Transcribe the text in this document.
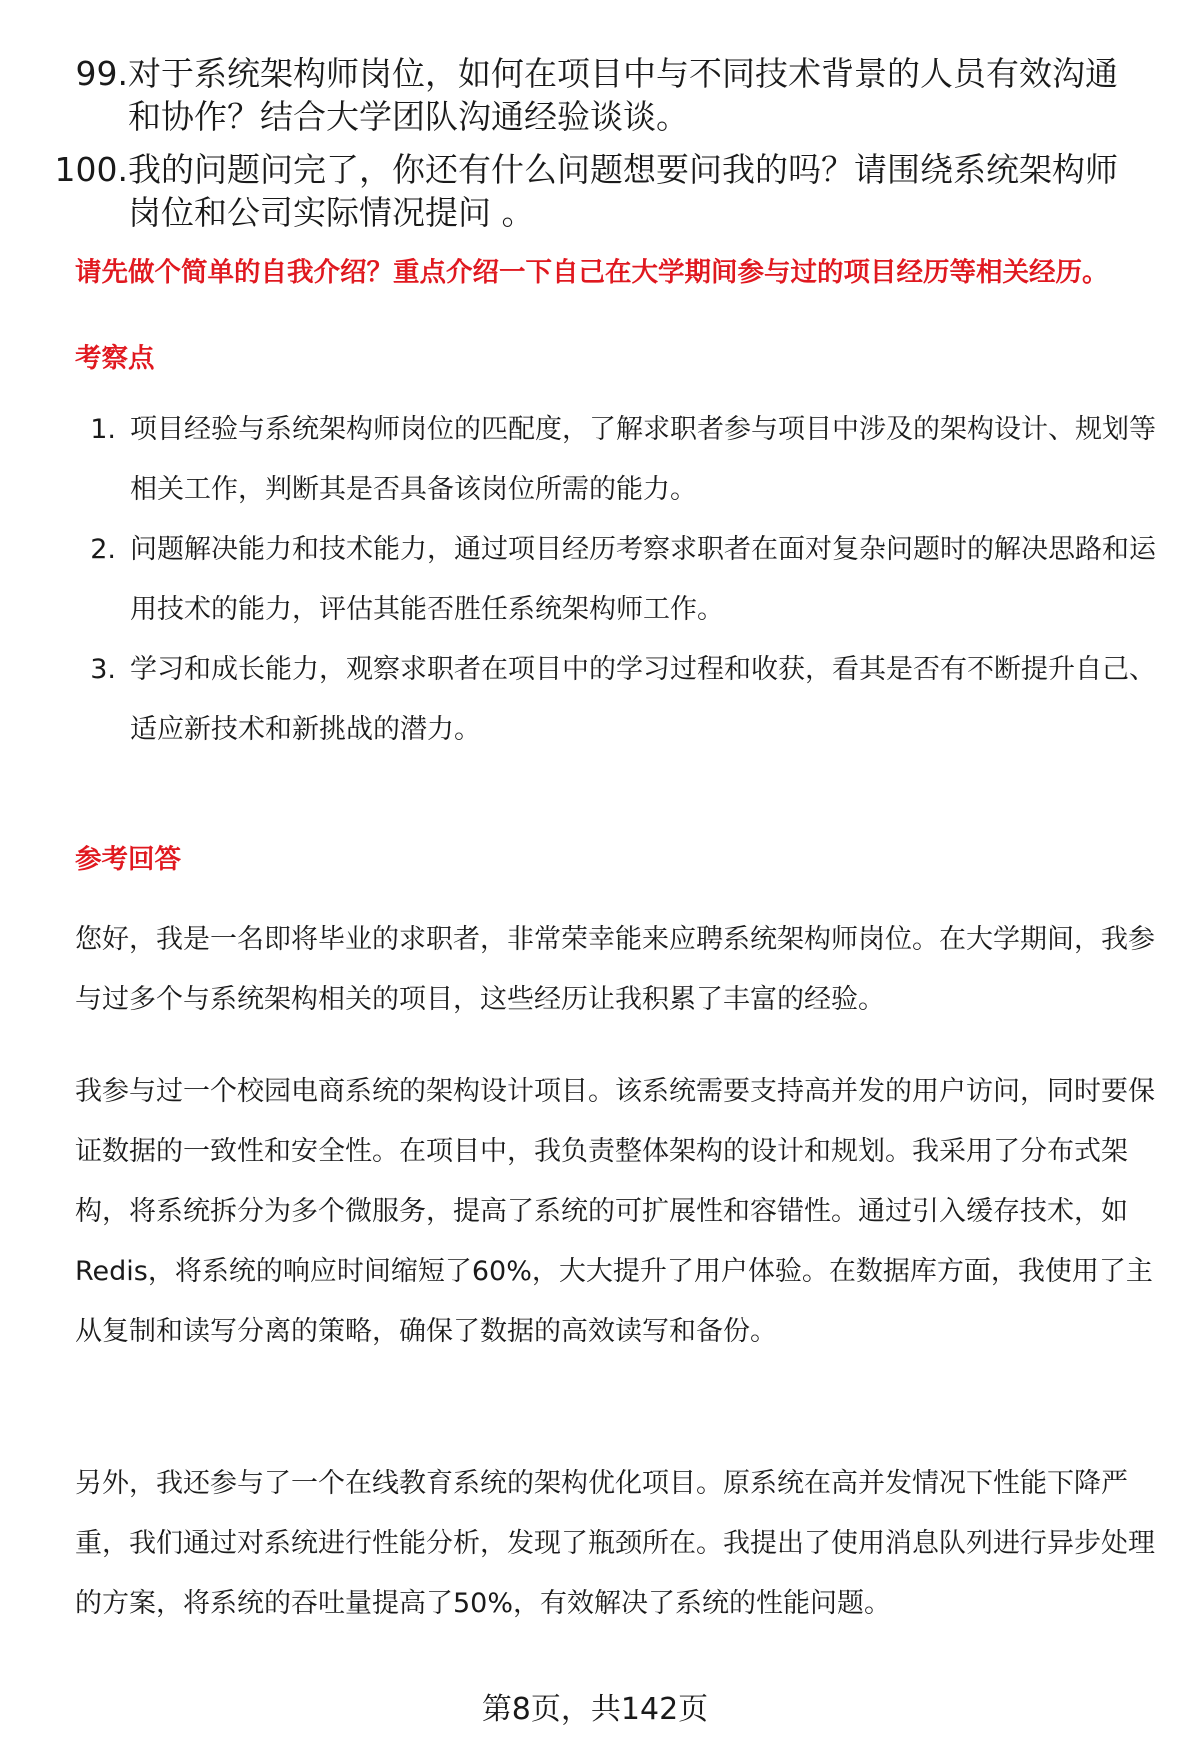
99. 对于系统架构师岗位，如何在项目中与不同技术背景的人员有效沟通和协作？结合大学团队沟通经验谈谈。
100. 我的问题问完了，你还有什么问题想要问我的吗？请围绕系统架构师岗位和公司实际情况提问 。
请先做个简单的自我介绍？重点介绍一下自己在大学期间参与过的项目经历等相关经历。
考察点
1. 项目经验与系统架构师岗位的匹配度，了解求职者参与项目中涉及的架构设计、规划等相关工作，判断其是否具备该岗位所需的能力。
2. 问题解决能力和技术能力，通过项目经历考察求职者在面对复杂问题时的解决思路和运用技术的能力，评估其能否胜任系统架构师工作。
3. 学习和成长能力，观察求职者在项目中的学习过程和收获，看其是否有不断提升自己、适应新技术和新挑战的潜力。
参考回答
您好，我是一名即将毕业的求职者，非常荣幸能来应聘系统架构师岗位。在大学期间，我参与过多个与系统架构相关的项目，这些经历让我积累了丰富的经验。
我参与过一个校园电商系统的架构设计项目。该系统需要支持高并发的用户访问，同时要保证数据的一致性和安全性。在项目中，我负责整体架构的设计和规划。我采用了分布式架构，将系统拆分为多个微服务，提高了系统的可扩展性和容错性。通过引入缓存技术，如Redis，将系统的响应时间缩短了60%，大大提升了用户体验。在数据库方面，我使用了主从复制和读写分离的策略，确保了数据的高效读写和备份。
另外，我还参与了一个在线教育系统的架构优化项目。原系统在高并发情况下性能下降严重，我们通过对系统进行性能分析，发现了瓶颈所在。我提出了使用消息队列进行异步处理的方案，将系统的吞吐量提高了50%，有效解决了系统的性能问题。
第8页，共142页
